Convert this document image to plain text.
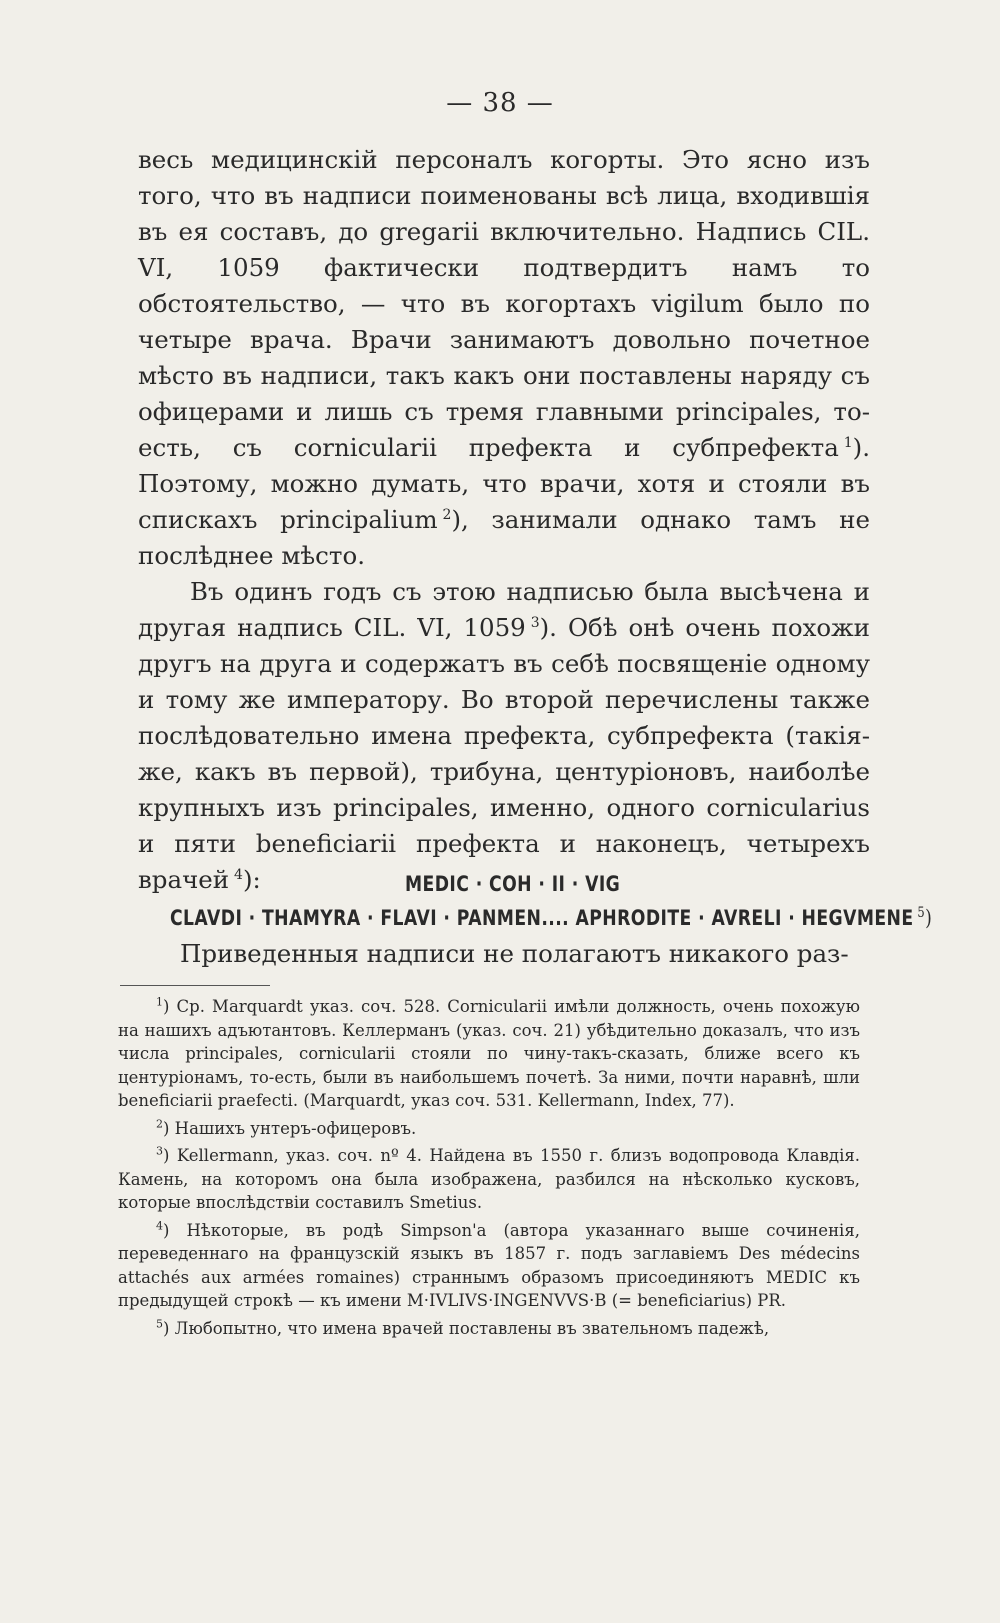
— 38 —

весь медицинскій персоналъ когорты. Это ясно изъ того, что въ надписи поименованы всѣ лица, входившія въ ея составъ, до gregarii включительно. Надпись CIL. VI, 1059 фактически подтвердитъ намъ то обстоятельство, — что въ когортахъ vigilum было по четыре врача. Врачи занимаютъ довольно почетное мѣсто въ надписи, такъ какъ они поставлены наряду съ офицерами и лишь съ тремя главными principales, то-есть, съ cornicularii префекта и субпрефекта  $^1$). Поэтому, можно думать, что врачи, хотя и стояли въ спискахъ principalium  $^2$), занимали однако тамъ не послѣднее мѣсто.

Въ одинъ годъ съ этою надписью была высѣчена и другая надпись CIL. VI, 1059  $^3$). Обѣ онѣ очень похожи другъ на друга и содержатъ въ себѣ посвященіе одному и тому же императору. Во второй перечислены также послѣдовательно имена префекта, субпрефекта (такія-же, какъ въ первой), трибуна, центуріоновъ, наиболѣе крупныхъ изъ principales, именно, одного cornicularius и пяти beneficiarii префекта и наконецъ, четырехъ врачей  $^4$):	MEDIC · COH · II · VIG
CLAVDI · THAMYRA · FLAVI · PANMEN.... APHRODITE · AVRELI · HEGVMENE  $^5$)
Приведенныя надписи не полагаютъ никакого раз-

$^1$) Ср. Marquardt указ. соч. 528. Cornicularii имѣли должность, очень похожую на нашихъ адъютантовъ. Келлерманъ (указ. соч. 21) убѣдительно доказалъ, что изъ числа principales, cornicularii стояли по чину-такъ-сказать, ближе всего къ центуріонамъ, то-есть, были въ наибольшемъ почетѣ. За ними, почти наравнѣ, шли beneficiarii praefecti. (Marquardt, указ соч. 531. Kellermann, Index, 77).

$^2$) Нашихъ унтеръ-офицеровъ.

$^3$) Kellermann, указ. соч. nº 4. Найдена въ 1550 г. близъ водопровода Клавдія. Камень, на которомъ она была изображена, разбился на нѣсколько кусковъ, которые впослѣдствіи составилъ Smetius.

$^4$) Нѣкоторые, въ родѣ Simpson'а (автора указаннаго выше сочиненія, переведеннаго на французскій языкъ въ 1857 г. подъ заглавіемъ Des médecins attachés aux armées romaines) страннымъ образомъ присоединяютъ MEDIC къ предыдущей строкѣ — къ имени M·IVLIVS·INGENVVS·B (= beneficiarius) PR.

$^5$) Любопытно, что имена врачей поставлены въ звательномъ падежѣ,
